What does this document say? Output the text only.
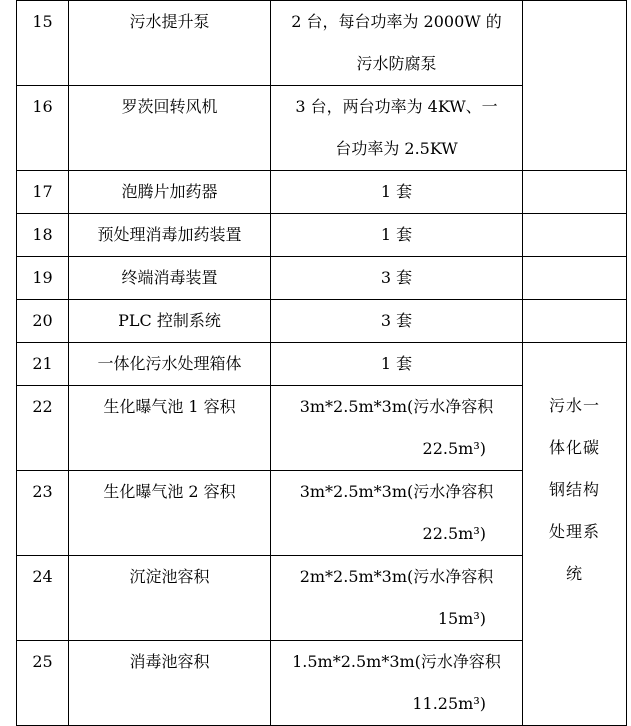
15	污水提升泵	2 台，每台功率为 2000W 的
污水防腐泵		

16	罗茨回转风机	3 台，两台功率为 4KW、一
台功率为 2.5KW		

17	泡腾片加药器	1 套		

18	预处理消毒加药装置	1 套		

19	终端消毒装置	3 套		

20	PLC 控制系统	3 套		

21	一体化污水处理箱体	1 套	污水一
体化碳
钢结构
处理系
统	

22	生化曝气池 1 容积	3m*2.5m*3m(污水净容积
22.5m³)		

23	生化曝气池 2 容积	3m*2.5m*3m(污水净容积
22.5m³)		

24	沉淀池容积	2m*2.5m*3m(污水净容积
15m³)		

25	消毒池容积	1.5m*2.5m*3m(污水净容积
11.25m³)		
